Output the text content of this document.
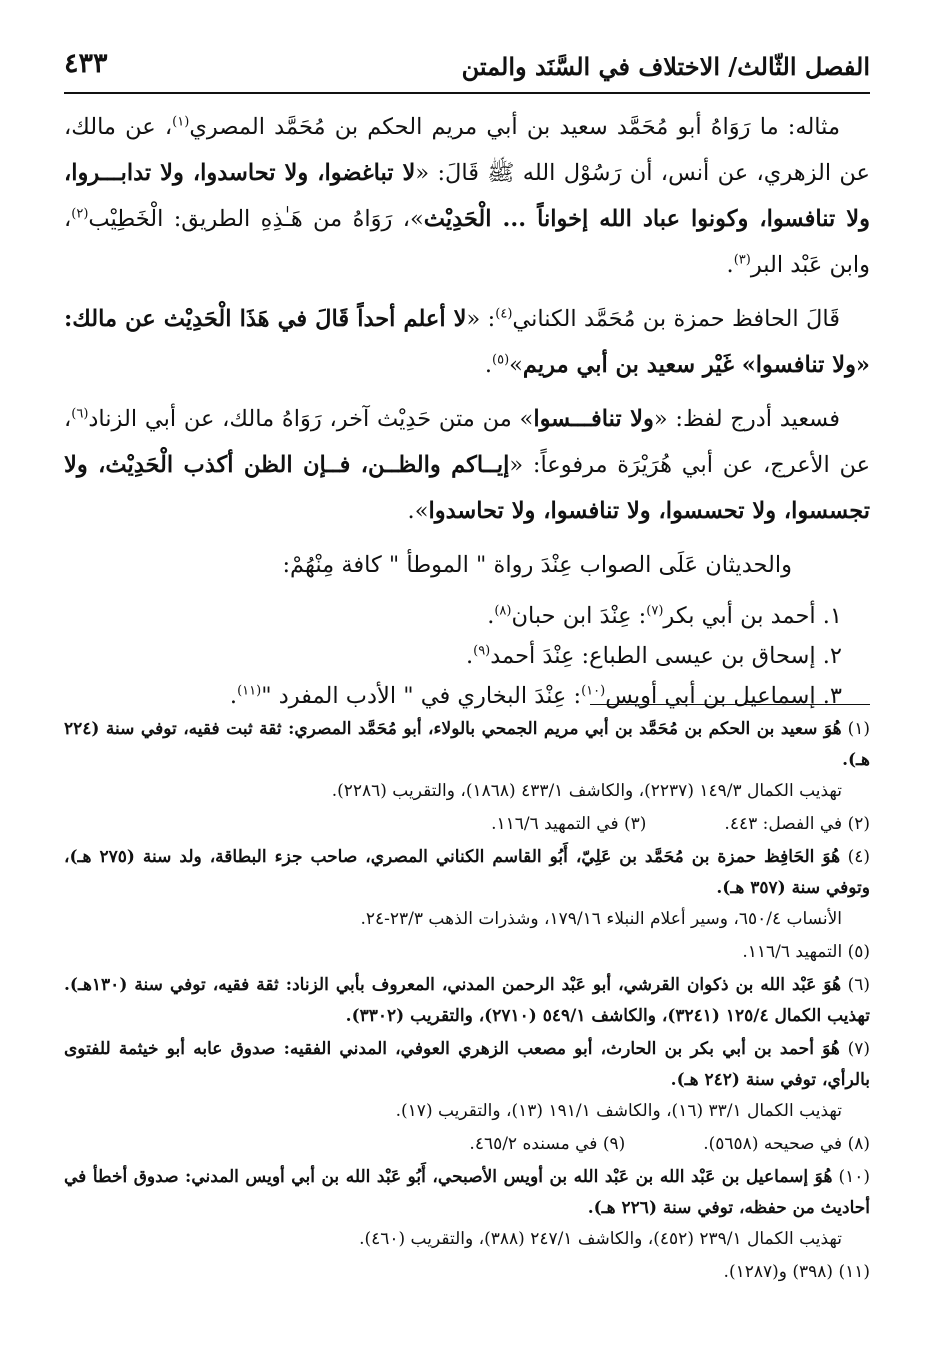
الفصل الثّالث/ الاختلاف في السَّنَد والمتن
٤٣٣

مثاله: ما رَوَاهُ أبو مُحَمَّد سعيد بن أبي مريم الحكم بن مُحَمَّد المصري$^{(١)}$، عن مالك، عن الزهري، عن أنس، أن رَسُوْل الله ﷺ قَالَ: «لا تباغضوا، ولا تحاسدوا، ولا تدابـــروا، ولا تنافسوا، وكونوا عباد الله إخواناً ... الْحَدِيْث»، رَوَاهُ من هَـٰذِهِ الطريق: الْخَطِيْب$^{(٢)}$، وابن عَبْد البر$^{(٣)}$.

قَالَ الحافظ حمزة بن مُحَمَّد الكناني$^{(٤)}$: «لا أعلم أحداً قَالَ في هَذَا الْحَدِيْث عن مالك: «ولا تنافسوا» غَيْر سعيد بن أبي مريم»$^{(٥)}$.

فسعيد أدرج لفظ: «ولا تنافـــسوا» من متن حَدِيْث آخر، رَوَاهُ مالك، عن أبي الزناد$^{(٦)}$، عن الأعرج، عن أبي هُرَيْرَة مرفوعاً: «إيــاكم والظــن، فــإن الظن أكذب الْحَدِيْث، ولا تجسسوا، ولا تحسسوا، ولا تنافسوا، ولا تحاسدوا».

والحديثان عَلَى الصواب عِنْدَ رواة " الموطأ " كافة مِنْهُمْ:

١. أحمد بن أبي بكر$^{(٧)}$: عِنْدَ ابن حبان$^{(٨)}$.

٢. إسحاق بن عيسى الطباع: عِنْدَ أحمد$^{(٩)}$.

٣. إسماعيل بن أبي أويس$^{(١٠)}$: عِنْدَ البخاري في " الأدب المفرد "$^{(١١)}$.

(١) هُوَ سعيد بن الحكم بن مُحَمَّد بن أبي مريم الجمحي بالولاء، أبو مُحَمَّد المصري: ثقة ثبت فقيه، توفي سنة (٢٢٤ هـ).
تهذيب الكمال ١٤٩/٣ (٢٢٣٧)، والكاشف ٤٣٣/١ (١٨٦٨)، والتقريب (٢٢٨٦).
(٢) في الفصل: ٤٤٣.
(٣) في التمهيد ١١٦/٦.
(٤) هُوَ الحَافِظ حمزة بن مُحَمَّد بن عَلِيّ، أَبُو القاسم الكناني المصري، صاحب جزء البطاقة، ولد سنة (٢٧٥ هـ)، وتوفي سنة (٣٥٧ هـ).
الأنساب ٦٥٠/٤، وسير أعلام النبلاء ١٧٩/١٦، وشذرات الذهب ٢٣/٣-٢٤.
(٥) التمهيد ١١٦/٦.
(٦) هُوَ عَبْد الله بن ذكوان القرشي، أبو عَبْد الرحمن المدني، المعروف بأبي الزناد: ثقة فقيه، توفي سنة (١٣٠هـ). تهذيب الكمال ١٢٥/٤ (٣٢٤١)، والكاشف ٥٤٩/١ (٢٧١٠)، والتقريب (٣٣٠٢).
(٧) هُوَ أحمد بن أبي بكر بن الحارث، أبو مصعب الزهري العوفي، المدني الفقيه: صدوق عابه أبو خيثمة للفتوى بالرأي، توفي سنة (٢٤٢ هـ).
تهذيب الكمال ٣٣/١ (١٦)، والكاشف ١٩١/١ (١٣)، والتقريب (١٧).
(٨) في صحيحه (٥٦٥٨).
(٩) في مسنده ٤٦٥/٢.
(١٠) هُوَ إسماعيل بن عَبْد الله بن عَبْد الله بن أويس الأصبحي، أَبُو عَبْد الله بن أبي أويس المدني: صدوق أخطأ في أحاديث من حفظه، توفي سنة (٢٢٦ هـ).
تهذيب الكمال ٢٣٩/١ (٤٥٢)، والكاشف ٢٤٧/١ (٣٨٨)، والتقريب (٤٦٠).
(١١) (٣٩٨) و(١٢٨٧).
